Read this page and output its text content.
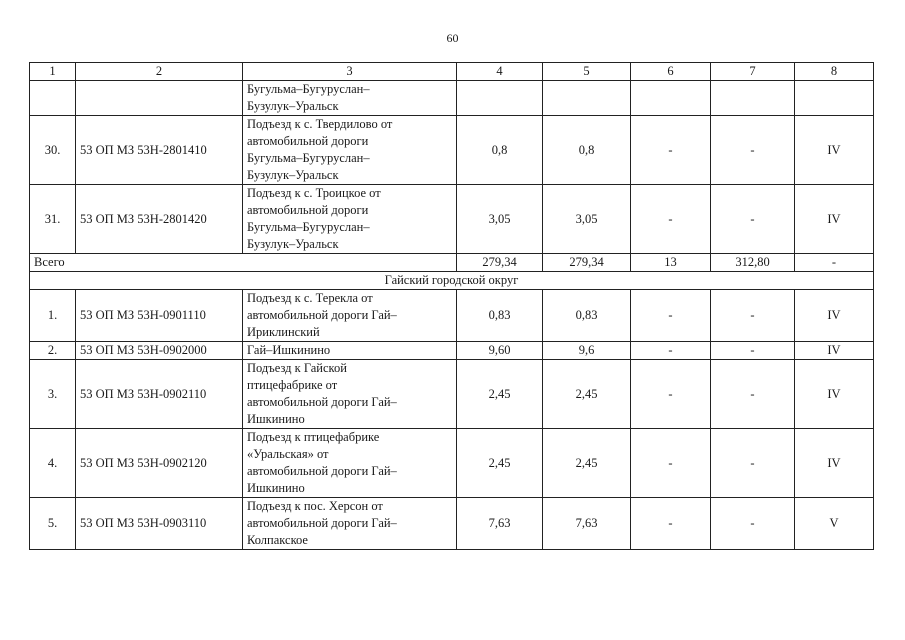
60
1	2	3	4	5	6	7	8

		Бугульма–Бугуруслан–
Бузулук–Уральск					

30.	53 ОП МЗ 53Н-2801410	Подъезд к с. Твердилово от
автомобильной дороги
Бугульма–Бугуруслан–
Бузулук–Уральск	0,8	0,8	-	-	IV
31.	53 ОП МЗ 53Н-2801420	Подъезд к с. Троицкое от
автомобильной дороги
Бугульма–Бугуруслан–
Бузулук–Уральск	3,05	3,05	-	-	IV
Всего			279,34	279,34	13	312,80	-
Гайский городской округ							
1.	53 ОП МЗ 53Н-0901110	Подъезд к с. Терекла от
автомобильной дороги Гай–
Ириклинский	0,83	0,83	-	-	IV
2.	53 ОП МЗ 53Н-0902000	Гай–Ишкинино	9,60	9,6	-	-	IV
3.	53 ОП МЗ 53Н-0902110	Подъезд к Гайской
птицефабрике от
автомобильной дороги Гай–
Ишкинино	2,45	2,45	-	-	IV
4.	53 ОП МЗ 53Н-0902120	Подъезд к птицефабрике
«Уральская» от
автомобильной дороги Гай–
Ишкинино	2,45	2,45	-	-	IV
5.	53 ОП МЗ 53Н-0903110	Подъезд к пос. Херсон от
автомобильной дороги Гай–
Колпакское	7,63	7,63	-	-	V
